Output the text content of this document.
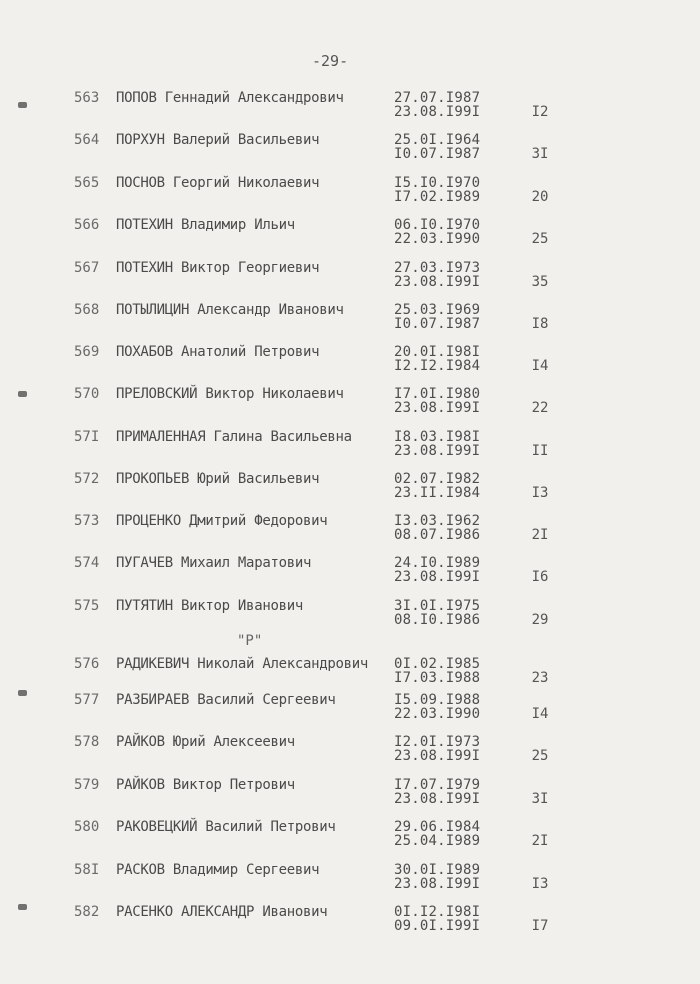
-29-
563 ПОПОВ Геннадий Александрович	27.07.I987
23.08.I99I	I2
564 ПОРХУН Валерий Васильевич	25.0I.I964
I0.07.I987	3I
565 ПОСНОВ Георгий Николаевич	I5.I0.I970
I7.02.I989	20
566 ПОТЕХИН Владимир Ильич	06.I0.I970
22.03.I990	25
567 ПОТЕХИН Виктор Георгиевич	27.03.I973
23.08.I99I	35
568 ПОТЫЛИЦИН Александр Иванович	25.03.I969
I0.07.I987	I8
569 ПОХАБОВ Анатолий Петрович	20.0I.I98I
I2.I2.I984	I4
570 ПРЕЛОВСКИЙ Виктор Николаевич	I7.0I.I980
23.08.I99I	22
57I ПРИМАЛЕННАЯ Галина Васильевна	I8.03.I98I
23.08.I99I	II
572 ПРОКОПЬЕВ Юрий Васильевич	02.07.I982
23.II.I984	I3
573 ПРОЦЕНКО Дмитрий Федорович	I3.03.I962
08.07.I986	2I
574 ПУГАЧЕВ Михаил Маратович	24.I0.I989
23.08.I99I	I6
575 ПУТЯТИН Виктор Иванович	3I.0I.I975
08.I0.I986	29
"Р"
576 РАДИКЕВИЧ Николай Александрович 0I.02.I985
I7.03.I988	23
577 РАЗБИРАЕВ Василий Сергеевич	I5.09.I988
22.03.I990	I4
578 РАЙКОВ Юрий Алексеевич	I2.0I.I973
23.08.I99I	25
579 РАЙКОВ Виктор Петрович	I7.07.I979
23.08.I99I	3I
580 РАКОВЕЦКИЙ Василий Петрович	29.06.I984
25.04.I989	2I
58I РАСКОВ Владимир Сергеевич	30.0I.I989
23.08.I99I	I3
582 РАСЕНКО АЛЕКСАНДР Иванович	0I.I2.I98I
09.0I.I99I	I7
